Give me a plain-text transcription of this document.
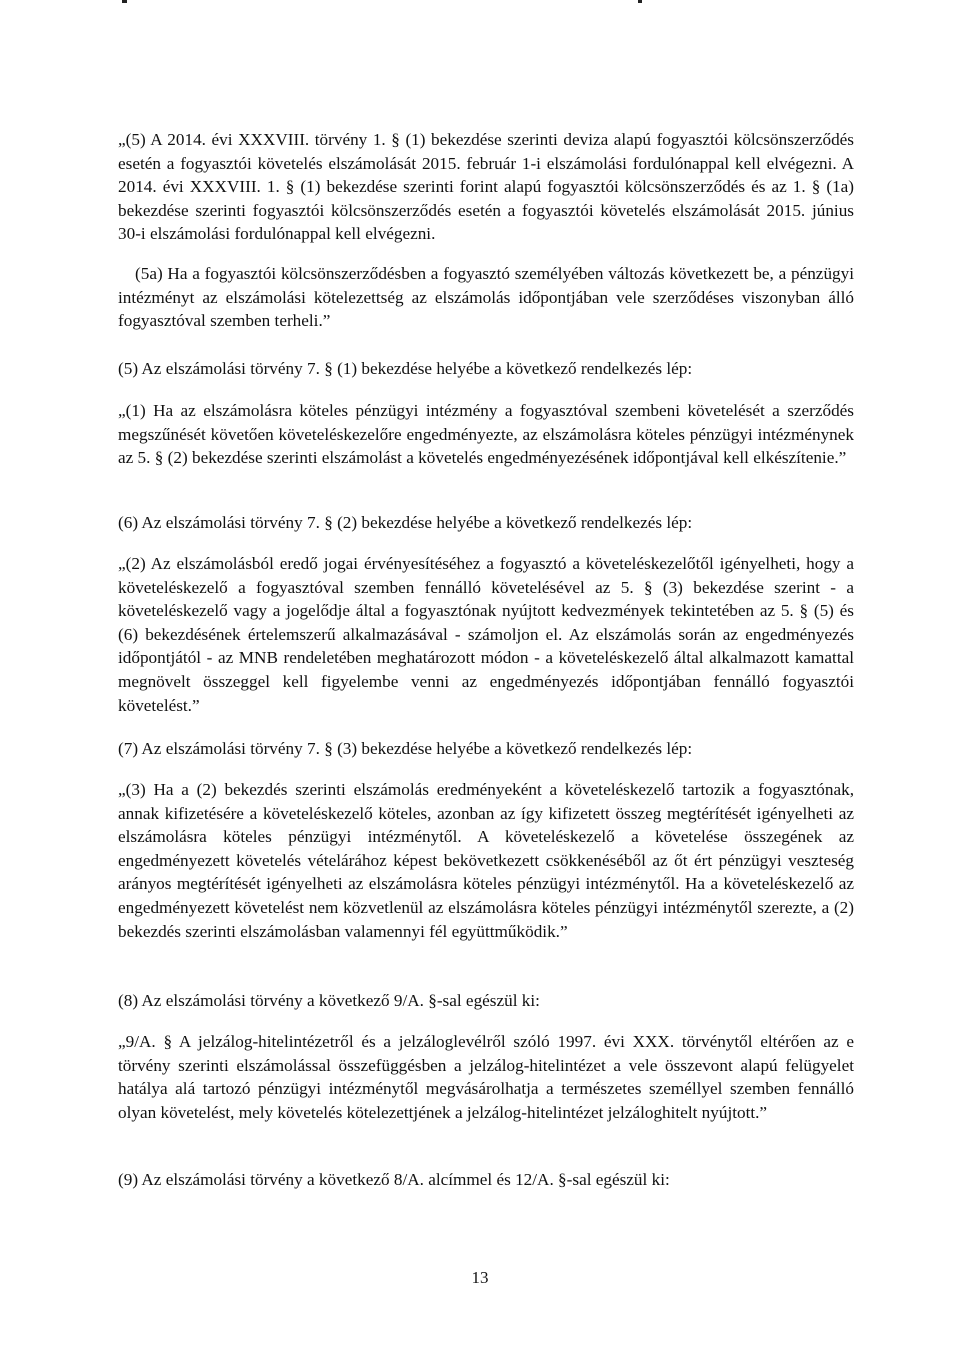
„(5) A 2014. évi XXXVIII. törvény 1. § (1) bekezdése szerinti deviza alapú fogyasztói kölcsönszerződés esetén a fogyasztói követelés elszámolását 2015. február 1-i elszámolási fordulónappal kell elvégezni. A 2014. évi XXXVIII. 1. § (1) bekezdése szerinti forint alapú fogyasztói kölcsönszerződés és az 1. § (1a) bekezdése szerinti fogyasztói kölcsönszerződés esetén a fogyasztói követelés elszámolását 2015. június 30-i elszámolási fordulónappal kell elvégezni.

(5a) Ha a fogyasztói kölcsönszerződésben a fogyasztó személyében változás következett be, a pénzügyi intézményt az elszámolási kötelezettség az elszámolás időpontjában vele szerződéses viszonyban álló fogyasztóval szemben terheli.”

(5) Az elszámolási törvény 7. § (1) bekezdése helyébe a következő rendelkezés lép:

„(1) Ha az elszámolásra köteles pénzügyi intézmény a fogyasztóval szembeni követelését a szerződés megszűnését követően követeléskezelőre engedményezte, az elszámolásra köteles pénzügyi intézménynek az 5. § (2) bekezdése szerinti elszámolást a követelés engedményezésének időpontjával kell elkészítenie.”

(6) Az elszámolási törvény 7. § (2) bekezdése helyébe a következő rendelkezés lép:

„(2) Az elszámolásból eredő jogai érvényesítéséhez a fogyasztó a követeléskezelőtől igényelheti, hogy a követeléskezelő a fogyasztóval szemben fennálló követelésével az 5. § (3) bekezdése szerint - a követeléskezelő vagy a jogelődje által a fogyasztónak nyújtott kedvezmények tekintetében az 5. § (5) és (6) bekezdésének értelemszerű alkalmazásával - számoljon el. Az elszámolás során az engedményezés időpontjától - az MNB rendeletében meghatározott módon - a követeléskezelő által alkalmazott kamattal megnövelt összeggel kell figyelembe venni az engedményezés időpontjában fennálló fogyasztói követelést.”

(7) Az elszámolási törvény 7. § (3) bekezdése helyébe a következő rendelkezés lép:

„(3) Ha a (2) bekezdés szerinti elszámolás eredményeként a követeléskezelő tartozik a fogyasztónak, annak kifizetésére a követeléskezelő köteles, azonban az így kifizetett összeg megtérítését igényelheti az elszámolásra köteles pénzügyi intézménytől. A követeléskezelő a követelése összegének az engedményezett követelés vételárához képest bekövetkezett csökkenéséből az őt ért pénzügyi veszteség arányos megtérítését igényelheti az elszámolásra köteles pénzügyi intézménytől. Ha a követeléskezelő az engedményezett követelést nem közvetlenül az elszámolásra köteles pénzügyi intézménytől szerezte, a (2) bekezdés szerinti elszámolásban valamennyi fél együttműködik.”

(8) Az elszámolási törvény a következő 9/A. §-sal egészül ki:

„9/A. § A jelzálog-hitelintézetről és a jelzáloglevélről szóló 1997. évi XXX. törvénytől eltérően az e törvény szerinti elszámolással összefüggésben a jelzálog-hitelintézet a vele összevont alapú felügyelet hatálya alá tartozó pénzügyi intézménytől megvásárolhatja a természetes személlyel szemben fennálló olyan követelést, mely követelés kötelezettjének a jelzálog-hitelintézet jelzáloghitelt nyújtott.”

(9) Az elszámolási törvény a következő 8/A. alcímmel és 12/A. §-sal egészül ki:

13
